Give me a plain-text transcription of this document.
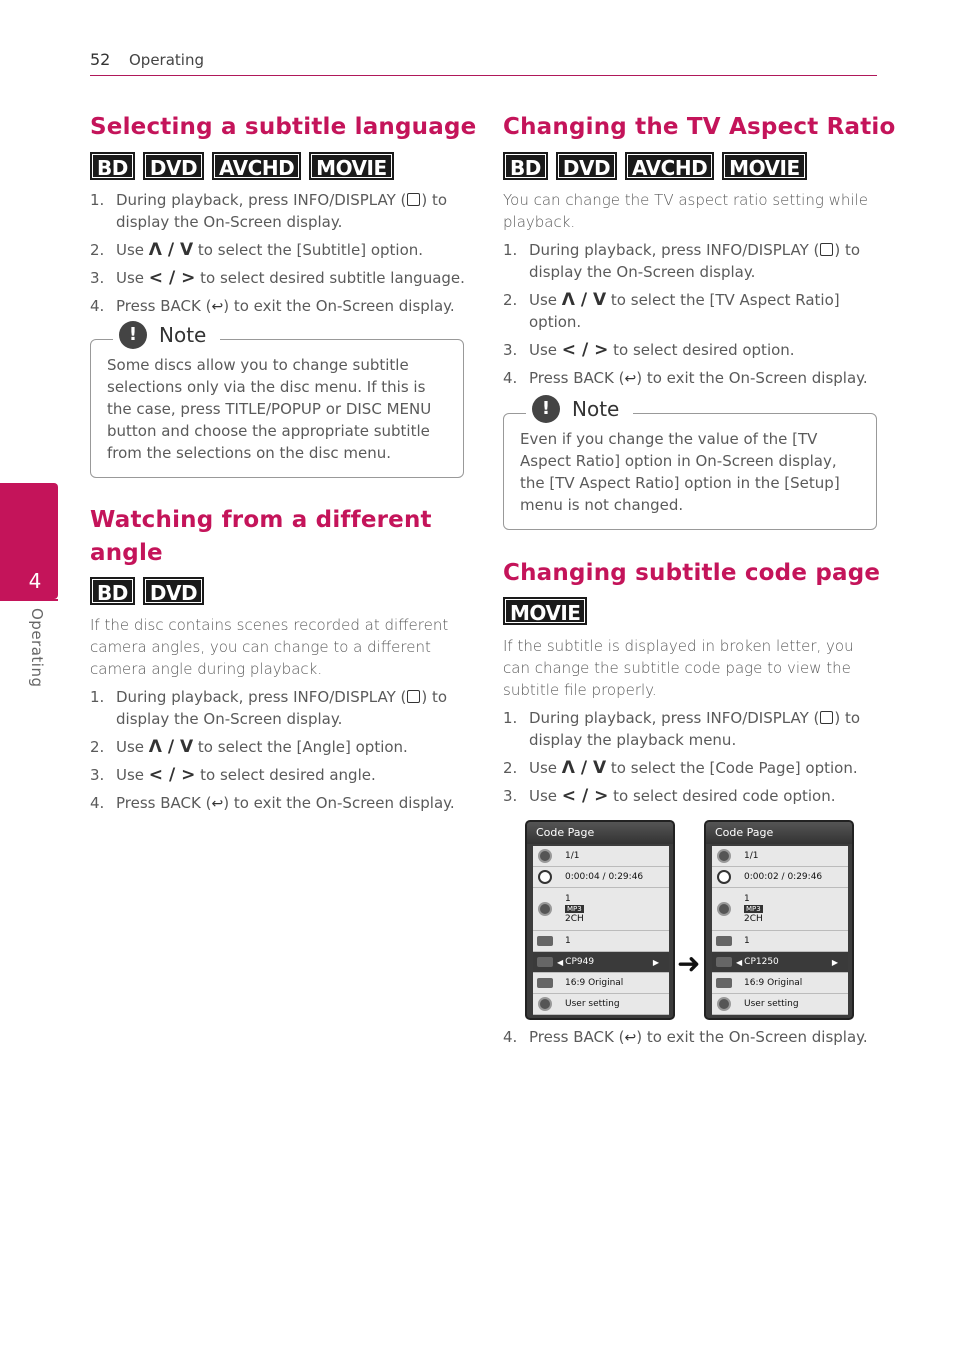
52 Operating
4
Operating
Selecting a subtitle language
BD	DVD	AVCHD	MOVIE
1. During playback, press INFO/DISPLAY ( ) to display the On-Screen display.
2. Use Λ / V to select the [Subtitle] option.
3. Use < / > to select desired subtitle language.
4. Press BACK (↩︎) to exit the On-Screen display.
!	Note
Some discs allow you to change subtitle selections only via the disc menu. If this is the case, press TITLE/POPUP or DISC MENU button and choose the appropriate subtitle from the selections on the disc menu.
Watching from a different
angle
BD	DVD

If the disc contains scenes recorded at different camera angles, you can change to a different camera angle during playback.

1. During playback, press INFO/DISPLAY ( ) to display the On-Screen display.
2. Use Λ / V to select the [Angle] option.
3. Use < / > to select desired angle.
4. Press BACK (↩︎) to exit the On-Screen display.
Changing the TV Aspect Ratio
BD	DVD	AVCHD	MOVIE

You can change the TV aspect ratio setting while playback.

1. During playback, press INFO/DISPLAY ( ) to display the On-Screen display.
2. Use Λ / V to select the [TV Aspect Ratio] option.
3. Use < / > to select desired option.
4. Press BACK (↩︎) to exit the On-Screen display.
!	Note
Even if you change the value of the [TV Aspect Ratio] option in On-Screen display, the [TV Aspect Ratio] option in the [Setup] menu is not changed.
Changing subtitle code page
MOVIE

If the subtitle is displayed in broken letter, you can change the subtitle code page to view the subtitle file properly.

1. During playback, press INFO/DISPLAY ( ) to display the playback menu.
2. Use Λ / V to select the [Code Page] option.
3. Use < / > to select desired code option.
4. Press BACK (↩︎) to exit the On-Screen display.
Code Page
1/1
0:00:04 / 0:29:46
1
MP3
2CH
1
◀ CP949	▶
16:9 Original
User setting
➜
Code Page
1/1
0:00:02 / 0:29:46
1
MP3
2CH
1
◀ CP1250	▶
16:9 Original
User setting
